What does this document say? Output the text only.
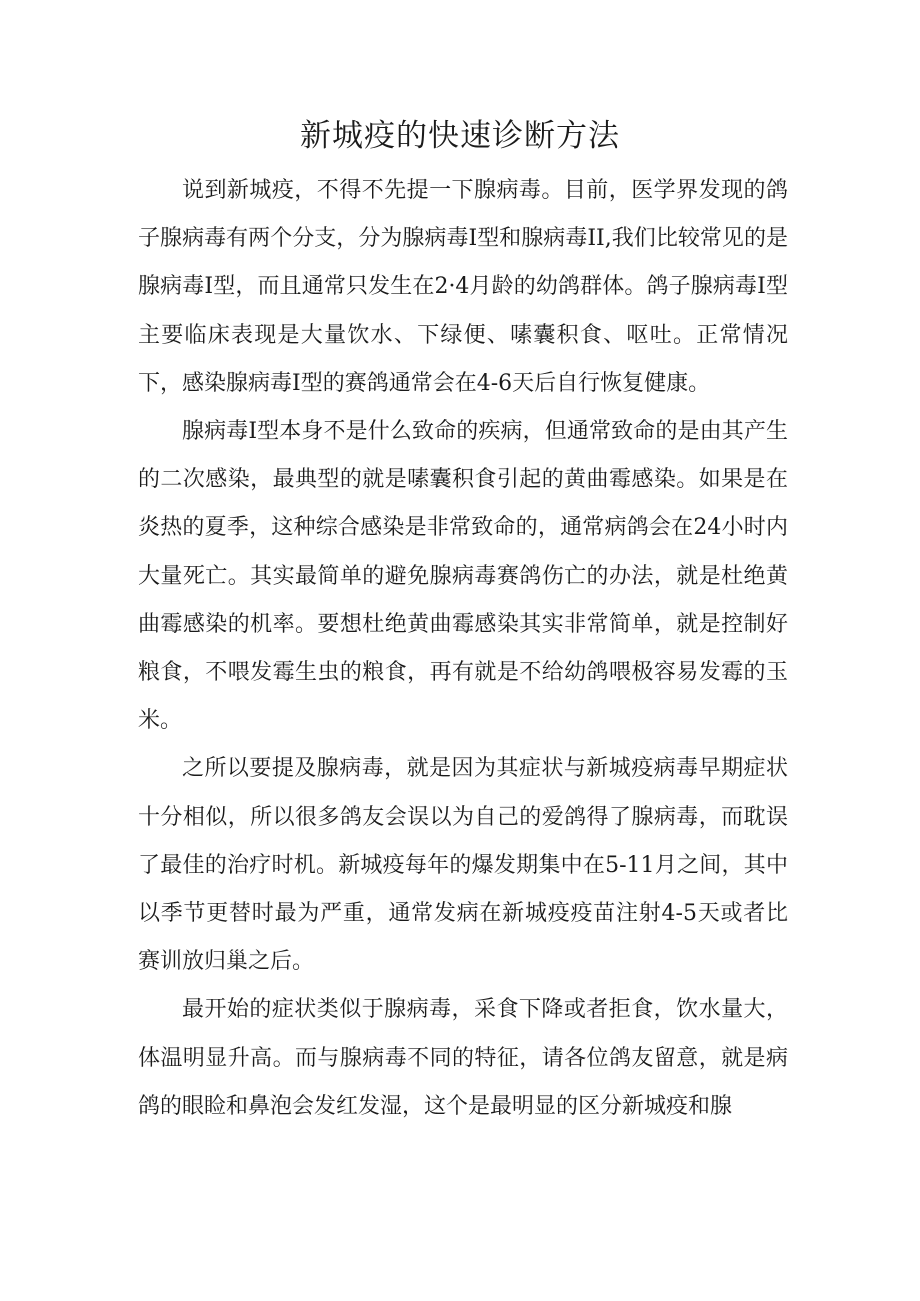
新城疫的快速诊断方法

说到新城疫，不得不先提一下腺病毒。目前，医学界发现的鸽子腺病毒有两个分支，分为腺病毒I型和腺病毒II,我们比较常见的是腺病毒I型，而且通常只发生在2·4月龄的幼鸽群体。鸽子腺病毒I型主要临床表现是大量饮水、下绿便、嗉囊积食、呕吐。正常情况下，感染腺病毒I型的赛鸽通常会在4-6天后自行恢复健康。

腺病毒I型本身不是什么致命的疾病，但通常致命的是由其产生的二次感染，最典型的就是嗉囊积食引起的黄曲霉感染。如果是在炎热的夏季，这种综合感染是非常致命的，通常病鸽会在24小时内大量死亡。其实最简单的避免腺病毒赛鸽伤亡的办法，就是杜绝黄曲霉感染的机率。要想杜绝黄曲霉感染其实非常简单，就是控制好粮食，不喂发霉生虫的粮食，再有就是不给幼鸽喂极容易发霉的玉米。

之所以要提及腺病毒，就是因为其症状与新城疫病毒早期症状十分相似，所以很多鸽友会误以为自己的爱鸽得了腺病毒，而耽误了最佳的治疗时机。新城疫每年的爆发期集中在5-11月之间，其中以季节更替时最为严重，通常发病在新城疫疫苗注射4-5天或者比赛训放归巢之后。

最开始的症状类似于腺病毒，采食下降或者拒食，饮水量大，体温明显升高。而与腺病毒不同的特征，请各位鸽友留意，就是病鸽的眼睑和鼻泡会发红发湿，这个是最明显的区分新城疫和腺
